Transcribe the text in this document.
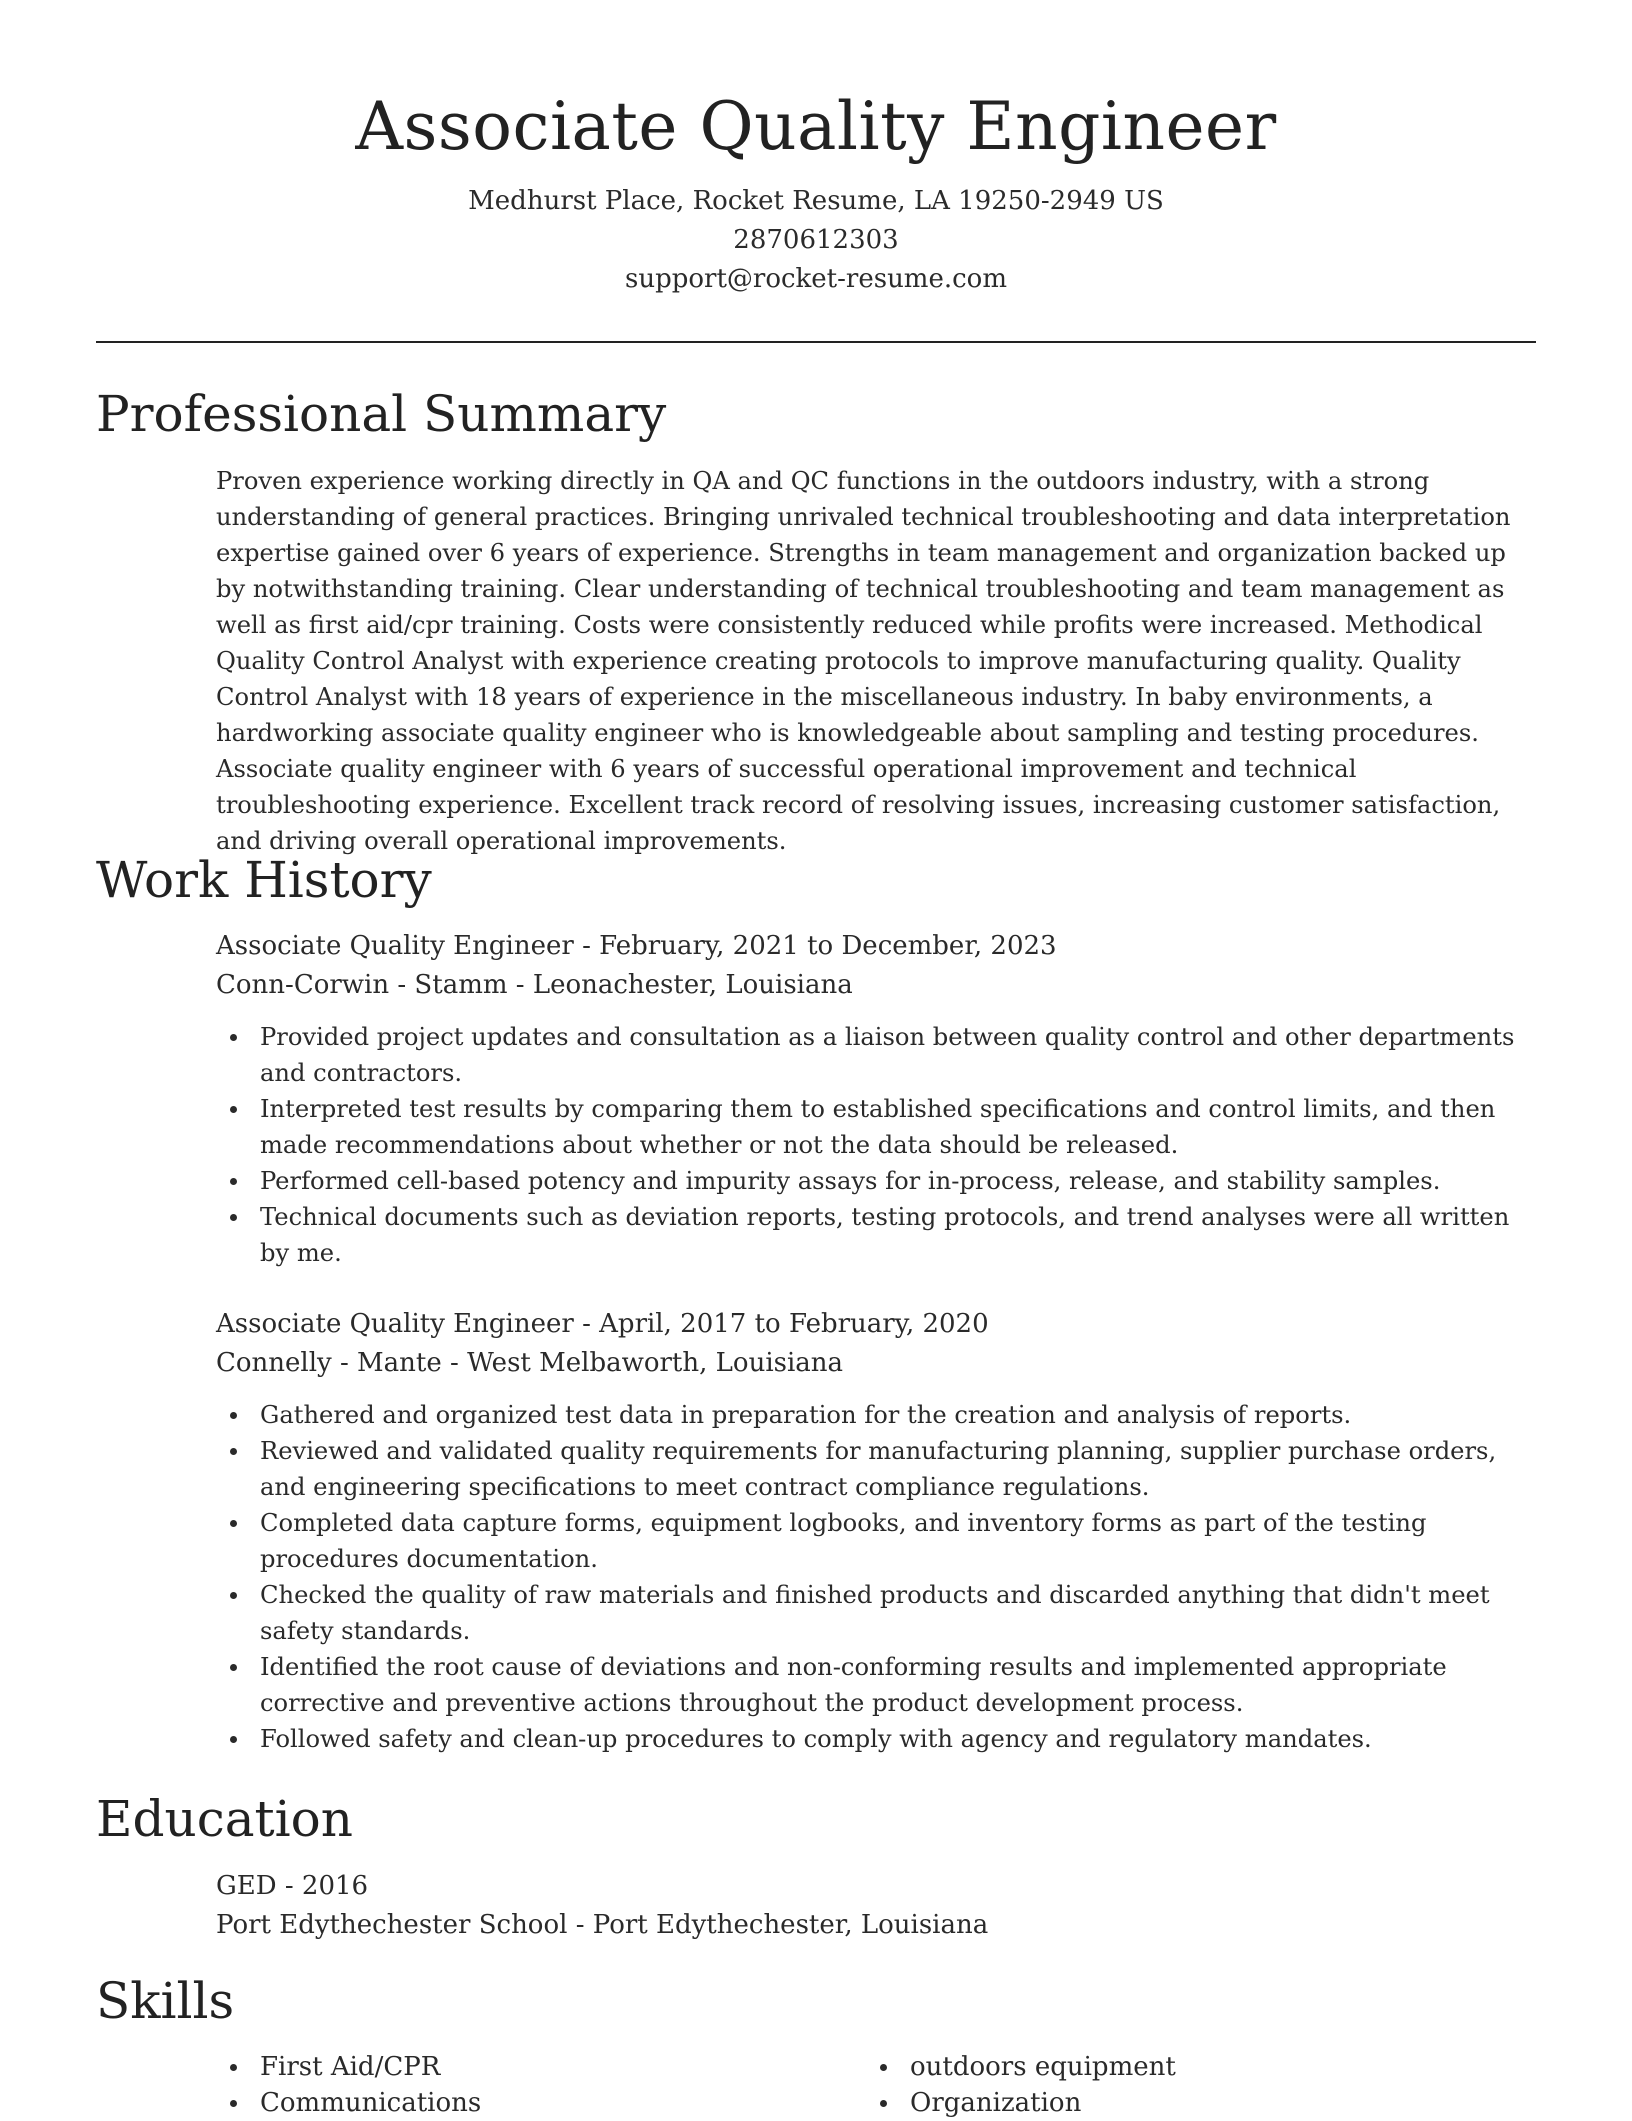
Associate Quality Engineer
Medhurst Place, Rocket Resume, LA 19250-2949 US
2870612303
support@rocket-resume.com
Professional Summary

Proven experience working directly in QA and QC functions in the outdoors industry, with a strong understanding of general practices. Bringing unrivaled technical troubleshooting and data interpretation expertise gained over 6 years of experience. Strengths in team management and organization backed up by notwithstanding training. Clear understanding of technical troubleshooting and team management as well as first aid/cpr training. Costs were consistently reduced while profits were increased. Methodical Quality Control Analyst with experience creating protocols to improve manufacturing quality. Quality Control Analyst with 18 years of experience in the miscellaneous industry. In baby environments, a hardworking associate quality engineer who is knowledgeable about sampling and testing procedures. Associate quality engineer with 6 years of successful operational improvement and technical troubleshooting experience. Excellent track record of resolving issues, increasing customer satisfaction, and driving overall operational improvements.

Work History
Associate Quality Engineer - February, 2021 to December, 2023
Conn-Corwin - Stamm - Leonachester, Louisiana
Provided project updates and consultation as a liaison between quality control and other departments and contractors.
Interpreted test results by comparing them to established specifications and control limits, and then made recommendations about whether or not the data should be released.
Performed cell-based potency and impurity assays for in-process, release, and stability samples.
Technical documents such as deviation reports, testing protocols, and trend analyses were all written by me.
Associate Quality Engineer - April, 2017 to February, 2020
Connelly - Mante - West Melbaworth, Louisiana
Gathered and organized test data in preparation for the creation and analysis of reports.
Reviewed and validated quality requirements for manufacturing planning, supplier purchase orders, and engineering specifications to meet contract compliance regulations.
Completed data capture forms, equipment logbooks, and inventory forms as part of the testing procedures documentation.
Checked the quality of raw materials and finished products and discarded anything that didn't meet safety standards.
Identified the root cause of deviations and non-conforming results and implemented appropriate corrective and preventive actions throughout the product development process.
Followed safety and clean-up procedures to comply with agency and regulatory mandates.
Education
GED - 2016
Port Edythechester School - Port Edythechester, Louisiana
Skills
First Aid/CPR
Communications
outdoors equipment
Organization
